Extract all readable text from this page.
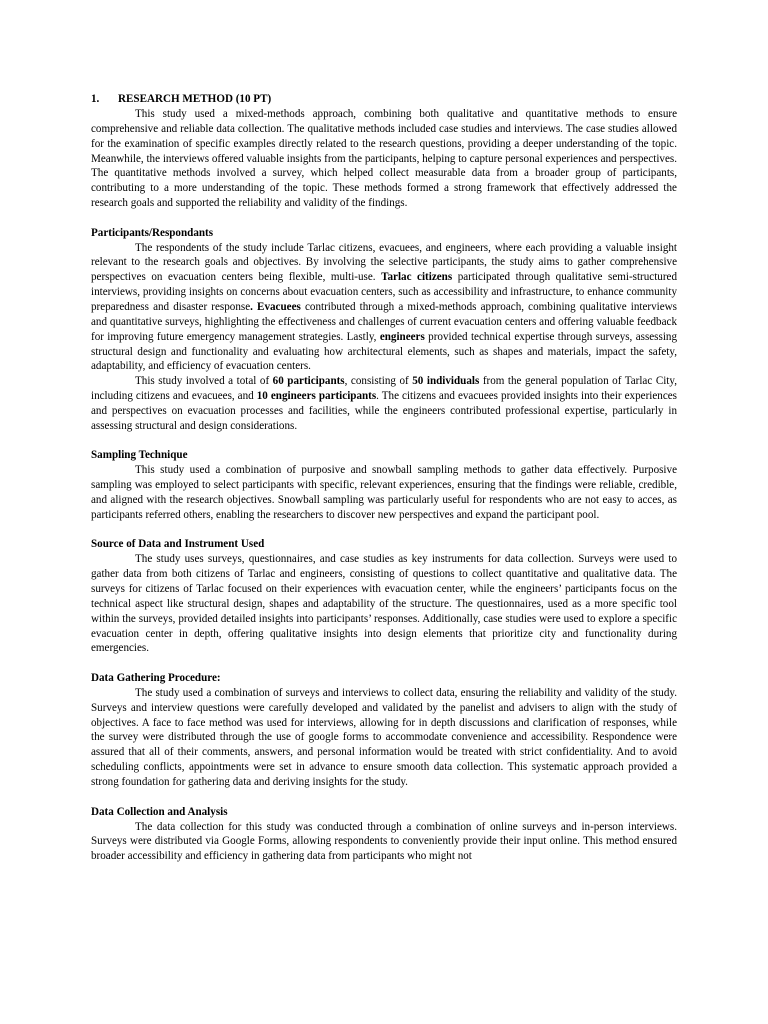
1. RESEARCH METHOD (10 PT)

This study used a mixed-methods approach, combining both qualitative and quantitative methods to ensure comprehensive and reliable data collection. The qualitative methods included case studies and interviews. The case studies allowed for the examination of specific examples directly related to the research questions, providing a deeper understanding of the topic. Meanwhile, the interviews offered valuable insights from the participants, helping to capture personal experiences and perspectives. The quantitative methods involved a survey, which helped collect measurable data from a broader group of participants, contributing to a more understanding of the topic. These methods formed a strong framework that effectively addressed the research goals and supported the reliability and validity of the findings.

Participants/Respondants

The respondents of the study include Tarlac citizens, evacuees, and engineers, where each providing a valuable insight relevant to the research goals and objectives. By involving the selective participants, the study aims to gather comprehensive perspectives on evacuation centers being flexible, multi-use. Tarlac citizens participated through qualitative semi-structured interviews, providing insights on concerns about evacuation centers, such as accessibility and infrastructure, to enhance community preparedness and disaster response. Evacuees contributed through a mixed-methods approach, combining qualitative interviews and quantitative surveys, highlighting the effectiveness and challenges of current evacuation centers and offering valuable feedback for improving future emergency management strategies. Lastly, engineers provided technical expertise through surveys, assessing structural design and functionality and evaluating how architectural elements, such as shapes and materials, impact the safety, adaptability, and efficiency of evacuation centers.

This study involved a total of 60 participants, consisting of 50 individuals from the general population of Tarlac City, including citizens and evacuees, and 10 engineers participants. The citizens and evacuees provided insights into their experiences and perspectives on evacuation processes and facilities, while the engineers contributed professional expertise, particularly in assessing structural and design considerations.

Sampling Technique

This study used a combination of purposive and snowball sampling methods to gather data effectively. Purposive sampling was employed to select participants with specific, relevant experiences, ensuring that the findings were reliable, credible, and aligned with the research objectives. Snowball sampling was particularly useful for respondents who are not easy to acces, as participants referred others, enabling the researchers to discover new perspectives and expand the participant pool.

Source of Data and Instrument Used

The study uses surveys, questionnaires, and case studies as key instruments for data collection. Surveys were used to gather data from both citizens of Tarlac and engineers, consisting of questions to collect quantitative and qualitative data. The surveys for citizens of Tarlac focused on their experiences with evacuation center, while the engineers’ participants focus on the technical aspect like structural design, shapes and adaptability of the structure. The questionnaires, used as a more specific tool within the surveys, provided detailed insights into participants’ responses. Additionally, case studies were used to explore a specific evacuation center in depth, offering qualitative insights into design elements that prioritize city and functionality during emergencies.

Data Gathering Procedure:

The study used a combination of surveys and interviews to collect data, ensuring the reliability and validity of the study. Surveys and interview questions were carefully developed and validated by the panelist and advisers to align with the study of objectives. A face to face method was used for interviews, allowing for in depth discussions and clarification of responses, while the survey were distributed through the use of google forms to accommodate convenience and accessibility. Respondence were assured that all of their comments, answers, and personal information would be treated with strict confidentiality. And to avoid scheduling conflicts, appointments were set in advance to ensure smooth data collection. This systematic approach provided a strong foundation for gathering data and deriving insights for the study.

Data Collection and Analysis

The data collection for this study was conducted through a combination of online surveys and in-person interviews. Surveys were distributed via Google Forms, allowing respondents to conveniently provide their input online. This method ensured broader accessibility and efficiency in gathering data from participants who might not
